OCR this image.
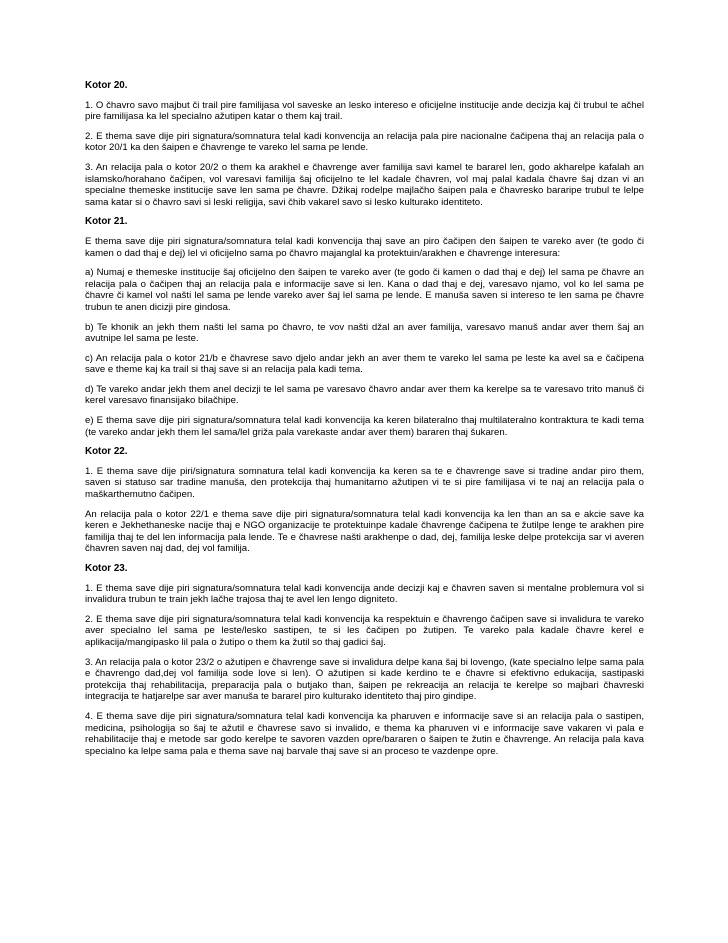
Kotor 20.
1. O čhavro savo majbut či trail pire familijasa vol saveske an lesko intereso e oficijelne institucije ande decizja kaj či trubul te ačhel pire familijasa ka lel specialno ažutipen katar o them kaj trail.
2. E thema save dije piri signatura/somnatura telal kadi konvencija an relacija pala pire nacionalne čačipena thaj an relacija pala o kotor 20/1 ka den šaipen e čhavrenge te vareko lel sama pe lende.
3. An relacija pala o kotor 20/2 o them ka arakhel e čhavrenge aver familija savi kamel te bararel len, godo akharelpe kafalah an islamsko/horahano čačipen, vol varesavi familija šaj oficijelno te lel kadale čhavren, vol maj palal kadala čhavre šaj dzan vi an specialne themeske institucije save len sama pe čhavre. Džikaj rodelpe majlačho šaipen pala e čhavresko bararipe trubul te lelpe sama katar si o čhavro savi si leski religija, savi čhib vakarel savo si lesko kulturako identiteto.
Kotor 21.
E thema save dije piri signatura/somnatura telal kadi konvencija thaj save an piro čačipen den šaipen te vareko aver (te godo či kamen o dad thaj e dej) lel vi oficijelno sama po čhavro majanglal ka protektuin/arakhen e čhavrenge interesura:
a) Numaj e themeske institucije šaj oficijelno den šaipen te vareko aver (te godo či kamen o dad thaj e dej) lel sama pe čhavre an relacija pala o čačipen thaj an relacija pala e informacije save si len. Kana o dad thaj e dej, varesavo njamo, vol ko lel sama pe čhavre či kamel vol našti lel sama pe lende vareko aver šaj lel sama pe lende. E manuša saven si intereso te len sama pe čhavre trubun te anen dicizji pire gindosa.
b) Te khonik an jekh them našti lel sama po čhavro, te vov našti džal an aver familija, varesavo manuš andar aver them šaj an avutnipe lel sama pe leste.
c) An relacija pala o kotor 21/b e čhavrese savo djelo andar jekh an aver them te vareko lel sama pe leste ka avel sa e čačipena save e theme kaj ka trail si thaj save si an relacija pala kadi tema.
d) Te vareko andar jekh them anel decizji te lel sama pe varesavo čhavro andar aver them ka kerelpe sa te varesavo trito manuš či kerel varesavo finansijako bilačhipe.
e) E thema save dije piri signatura/somnatura telal kadi konvencija ka keren bilateralno thaj multilateralno kontraktura te kadi tema (te vareko andar jekh them lel sama/lel griža pala varekaste andar aver them) bararen thaj šukaren.
Kotor 22.
1. E thema save dije piri/signatura somnatura telal kadi konvencija ka keren sa te e čhavrenge save si tradine andar piro them, saven si statuso sar tradine manuša, den protekcija thaj humanitarno ažutipen vi te si pire familijasa vi te naj an relacija pala o maškarthemutno čačipen.
An relacija pala o kotor 22/1 e thema save dije piri signatura/somnatura telal kadi konvencija ka len than an sa e akcie save ka keren e Jekhethaneske nacije thaj e NGO organizacije te protektuinpe kadale čhavrenge čačipena te žutilpe lenge te arakhen pire familija thaj te del len informacija pala lende. Te e čhavrese našti arakhenpe o dad, dej, familija leske delpe protekcija sar vi averen čhavren saven naj dad, dej vol familija.
Kotor 23.
1. E thema save dije piri signatura/somnatura telal kadi konvencija ande decizji kaj e čhavren saven si mentalne problemura vol si invalidura trubun te train jekh lačhe trajosa thaj te avel len lengo digniteto.
2. E thema save dije piri signatura/somnatura telal kadi konvencija ka respektuin e čhavrengo čačipen save si invalidura te vareko aver specialno lel sama pe leste/lesko sastipen, te si les čačipen po žutipen. Te vareko pala kadale čhavre kerel e aplikacija/mangipasko lil pala o žutipo o them ka žutil so thaj gadici šaj.
3. An relacija pala o kotor 23/2 o ažutipen e čhavrenge save si invalidura delpe kana šaj bi lovengo, (kate specialno lelpe sama pala e čhavrengo dad,dej vol familija sode love si len). O ažutipen si kade kerdino te e čhavre si efektivno edukacija, sastipaski protekcija thaj rehabilitacija, preparacija pala o butjako than, šaipen pe rekreacija an relacija te kerelpe so majbari čhavreski integracija te hatjarelpe sar aver manuša te bararel piro kulturako identiteto thaj piro gindipe.
4. E thema save dije piri signatura/somnatura telal kadi konvencija ka pharuven e informacije save si an relacija pala o sastipen, medicina, psihologija so šaj te ažutil e čhavrese savo si invalido, e thema ka pharuven vi e informacije save vakaren vi pala e rehabilitacije thaj e metode sar godo kerelpe te savoren vazden opre/bararen o šaipen te žutin e čhavrenge. An relacija pala kava specialno ka lelpe sama pala e thema save naj barvale thaj save si an proceso te vazdenpe opre.
